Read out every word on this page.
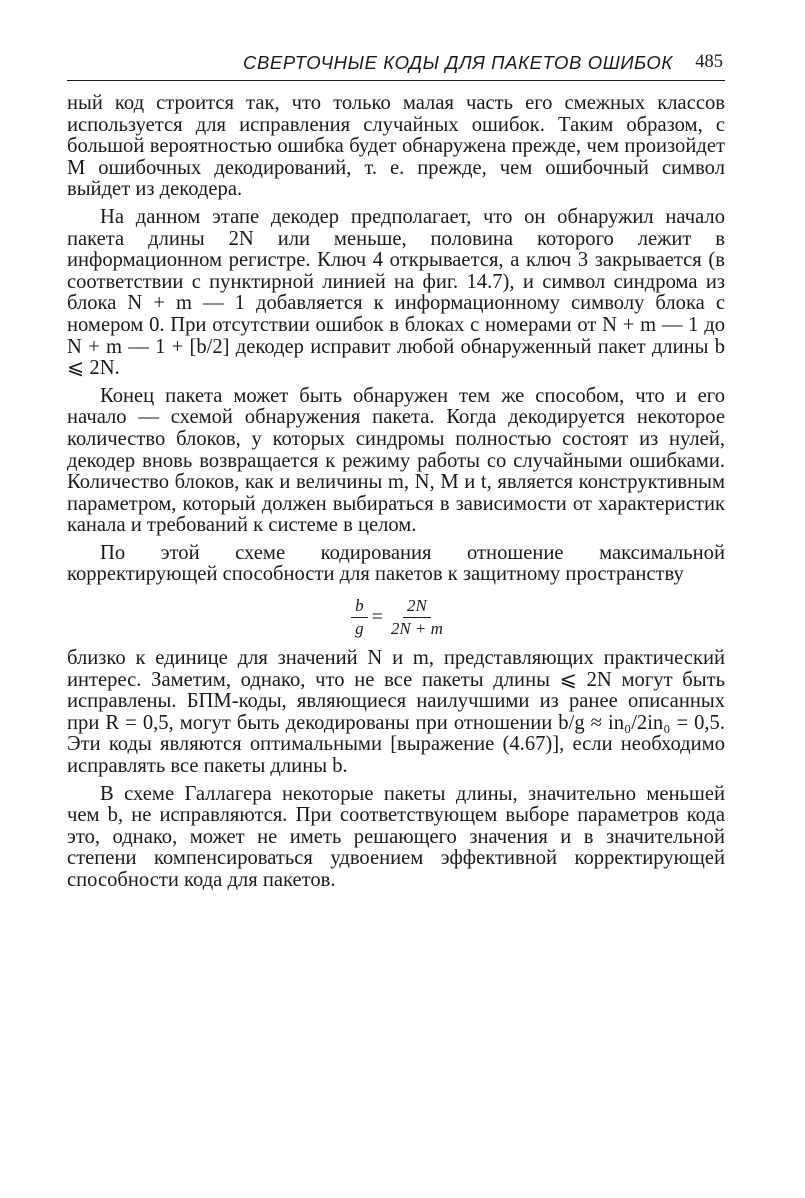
СВЕРТОЧНЫЕ КОДЫ ДЛЯ ПАКЕТОВ ОШИБОК 485

ный код строится так, что только малая часть его смежных классов используется для исправления случайных ошибок. Таким образом, с большой вероятностью ошибка будет обнаружена прежде, чем произойдет M ошибочных декодирований, т. е. прежде, чем ошибочный символ выйдет из декодера.

На данном этапе декодер предполагает, что он обнаружил начало пакета длины 2N или меньше, половина которого лежит в информационном регистре. Ключ 4 открывается, а ключ 3 закрывается (в соответствии с пунктирной линией на фиг. 14.7), и символ синдрома из блока N + m — 1 добавляется к информационному символу блока с номером 0. При отсутствии ошибок в блоках с номерами от N + m — 1 до N + m — 1 + [b/2] декодер исправит любой обнаруженный пакет длины b ⩽ 2N.

Конец пакета может быть обнаружен тем же способом, что и его начало — схемой обнаружения пакета. Когда декодируется некоторое количество блоков, у которых синдромы полностью состоят из нулей, декодер вновь возвращается к режиму работы со случайными ошибками. Количество блоков, как и величины m, N, M и t, является конструктивным параметром, который должен выбираться в зависимости от характеристик канала и требований к системе в целом.

По этой схеме кодирования отношение максимальной корректирующей способности для пакетов к защитному пространству

$\frac{b}{g} = \frac{2N}{2N + m}$

близко к единице для значений N и m, представляющих практический интерес. Заметим, однако, что не все пакеты длины ⩽ 2N могут быть исправлены. БПМ-коды, являющиеся наилучшими из ранее описанных при R = 0,5, могут быть декодированы при отношении b/g ≈ in₀/2in₀ = 0,5. Эти коды являются оптимальными [выражение (4.67)], если необходимо исправлять все пакеты длины b.

В схеме Галлагера некоторые пакеты длины, значительно меньшей чем b, не исправляются. При соответствующем выборе параметров кода это, однако, может не иметь решающего значения и в значительной степени компенсироваться удвоением эффективной корректирующей способности кода для пакетов.
